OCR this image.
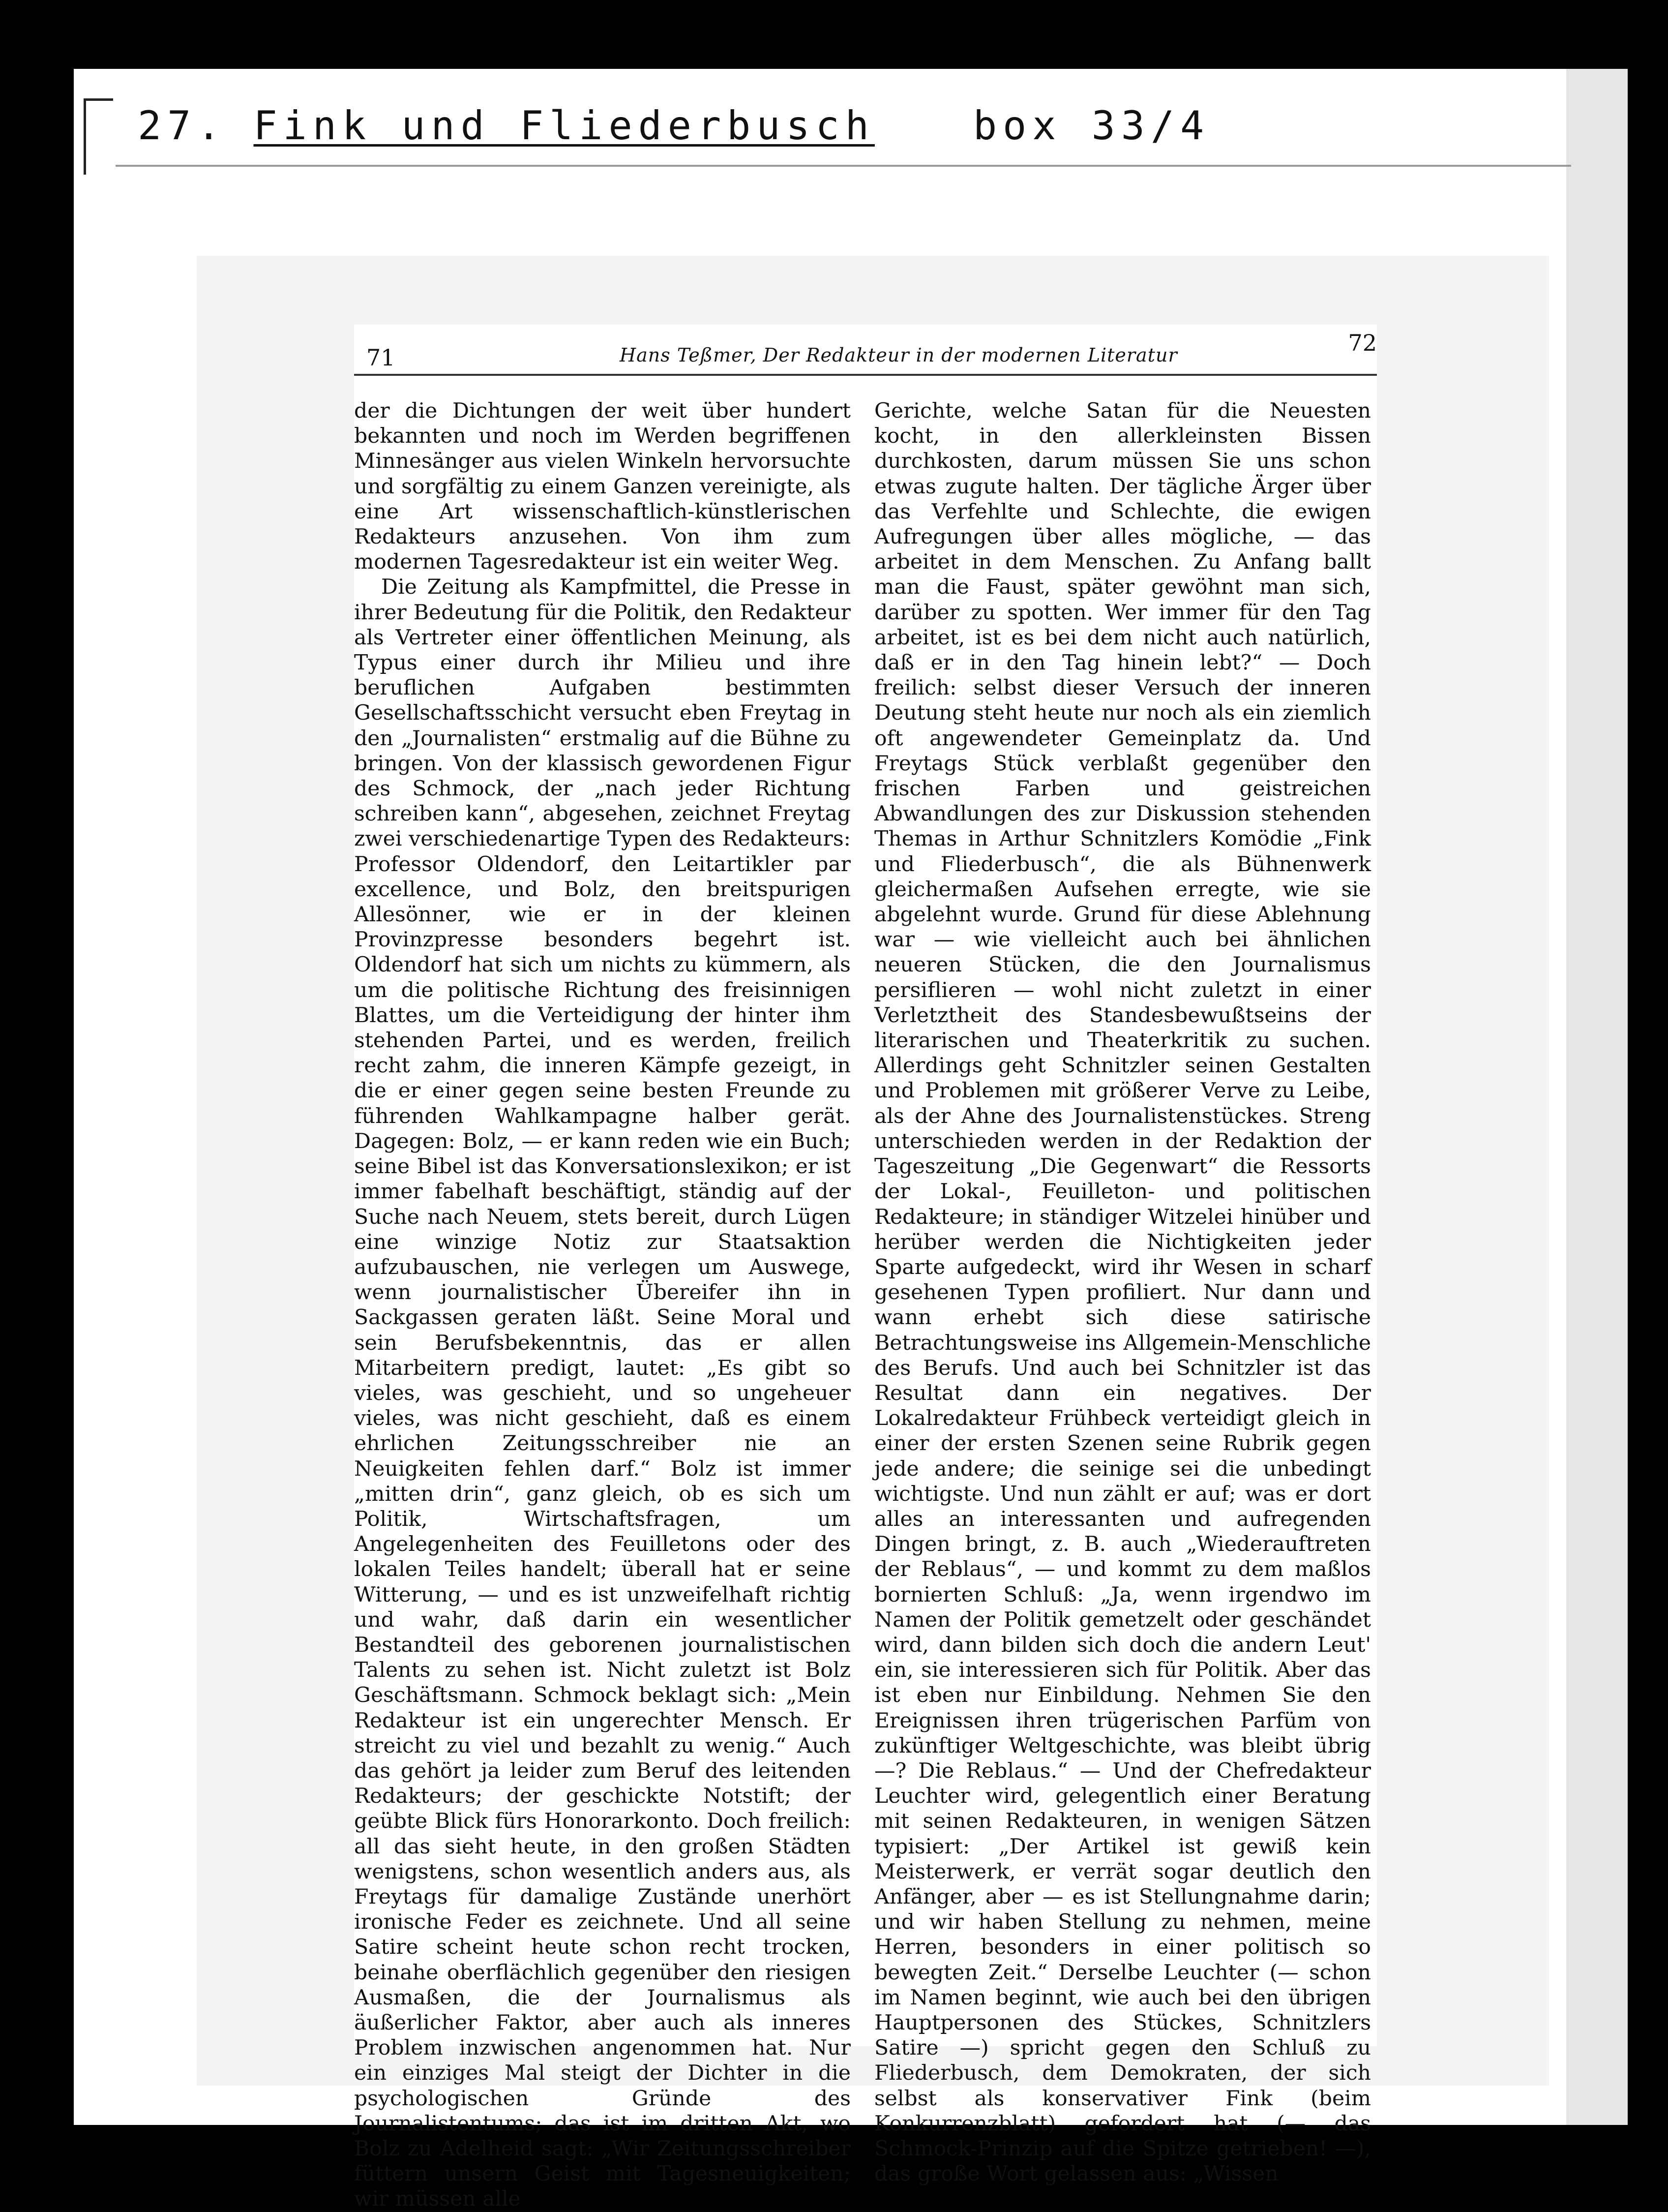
27. Fink und Fliederbusch	box 33/4
71	Hans Teßmer, Der Redakteur in der modernen Literatur	72

der die Dichtungen der weit über hundert bekannten und noch im Werden begriffenen Minnesänger aus vielen Winkeln hervorsuchte und sorgfältig zu einem Ganzen vereinigte, als eine Art wissenschaftlich-künstlerischen Redakteurs anzusehen. Von ihm zum modernen Tagesredakteur ist ein weiter Weg.

Die Zeitung als Kampfmittel, die Presse in ihrer Bedeutung für die Politik, den Redakteur als Vertreter einer öffentlichen Meinung, als Typus einer durch ihr Milieu und ihre beruflichen Aufgaben bestimmten Gesellschaftsschicht versucht eben Freytag in den „Journalisten“ erstmalig auf die Bühne zu bringen. Von der klassisch gewordenen Figur des Schmock, der „nach jeder Richtung schreiben kann“, abgesehen, zeichnet Freytag zwei verschiedenartige Typen des Redakteurs: Professor Oldendorf, den Leitartikler par excellence, und Bolz, den breitspurigen Allesönner, wie er in der kleinen Provinzpresse besonders begehrt ist. Oldendorf hat sich um nichts zu kümmern, als um die politische Richtung des freisinnigen Blattes, um die Verteidigung der hinter ihm stehenden Partei, und es werden, freilich recht zahm, die inneren Kämpfe gezeigt, in die er einer gegen seine besten Freunde zu führenden Wahlkampagne halber gerät. Dagegen: Bolz, — er kann reden wie ein Buch; seine Bibel ist das Konversationslexikon; er ist immer fabelhaft beschäftigt, ständig auf der Suche nach Neuem, stets bereit, durch Lügen eine winzige Notiz zur Staatsaktion aufzubauschen, nie verlegen um Auswege, wenn journalistischer Übereifer ihn in Sackgassen geraten läßt. Seine Moral und sein Berufsbekenntnis, das er allen Mitarbeitern predigt, lautet: „Es gibt so vieles, was geschieht, und so ungeheuer vieles, was nicht geschieht, daß es einem ehrlichen Zeitungsschreiber nie an Neuigkeiten fehlen darf.“ Bolz ist immer „mitten drin“, ganz gleich, ob es sich um Politik, Wirtschaftsfragen, um Angelegenheiten des Feuilletons oder des lokalen Teiles handelt; überall hat er seine Witterung, — und es ist unzweifelhaft richtig und wahr, daß darin ein wesentlicher Bestandteil des geborenen journalistischen Talents zu sehen ist. Nicht zuletzt ist Bolz Geschäftsmann. Schmock beklagt sich: „Mein Redakteur ist ein ungerechter Mensch. Er streicht zu viel und bezahlt zu wenig.“ Auch das gehört ja leider zum Beruf des leitenden Redakteurs; der geschickte Notstift; der geübte Blick fürs Honorarkonto. Doch freilich: all das sieht heute, in den großen Städten wenigstens, schon wesentlich anders aus, als Freytags für damalige Zustände unerhört ironische Feder es zeichnete. Und all seine Satire scheint heute schon recht trocken, beinahe oberflächlich gegenüber den riesigen Ausmaßen, die der Journalismus als äußerlicher Faktor, aber auch als inneres Problem inzwischen angenommen hat. Nur ein einziges Mal steigt der Dichter in die psychologischen Gründe des Journalistentums; das ist im dritten Akt, wo Bolz zu Adelheid sagt: „Wir Zeitungsschreiber füttern unsern Geist mit Tagesneuigkeiten; wir müssen alle

Gerichte, welche Satan für die Neuesten kocht, in den allerkleinsten Bissen durchkosten, darum müssen Sie uns schon etwas zugute halten. Der tägliche Ärger über das Verfehlte und Schlechte, die ewigen Aufregungen über alles mögliche, — das arbeitet in dem Menschen. Zu Anfang ballt man die Faust, später gewöhnt man sich, darüber zu spotten. Wer immer für den Tag arbeitet, ist es bei dem nicht auch natürlich, daß er in den Tag hinein lebt?“ — Doch freilich: selbst dieser Versuch der inneren Deutung steht heute nur noch als ein ziemlich oft angewendeter Gemeinplatz da. Und Freytags Stück verblaßt gegenüber den frischen Farben und geistreichen Abwandlungen des zur Diskussion stehenden Themas in Arthur Schnitzlers Komödie „Fink und Fliederbusch“, die als Bühnenwerk gleichermaßen Aufsehen erregte, wie sie abgelehnt wurde. Grund für diese Ablehnung war — wie vielleicht auch bei ähnlichen neueren Stücken, die den Journalismus persiflieren — wohl nicht zuletzt in einer Verletztheit des Standesbewußtseins der literarischen und Theaterkritik zu suchen. Allerdings geht Schnitzler seinen Gestalten und Problemen mit größerer Verve zu Leibe, als der Ahne des Journalistenstückes. Streng unterschieden werden in der Redaktion der Tageszeitung „Die Gegenwart“ die Ressorts der Lokal-, Feuilleton- und politischen Redakteure; in ständiger Witzelei hinüber und herüber werden die Nichtigkeiten jeder Sparte aufgedeckt, wird ihr Wesen in scharf gesehenen Typen profiliert. Nur dann und wann erhebt sich diese satirische Betrachtungsweise ins Allgemein-Menschliche des Berufs. Und auch bei Schnitzler ist das Resultat dann ein negatives. Der Lokalredakteur Frühbeck verteidigt gleich in einer der ersten Szenen seine Rubrik gegen jede andere; die seinige sei die unbedingt wichtigste. Und nun zählt er auf; was er dort alles an interessanten und aufregenden Dingen bringt, z. B. auch „Wiederauftreten der Reblaus“, — und kommt zu dem maßlos bornierten Schluß: „Ja, wenn irgendwo im Namen der Politik gemetzelt oder geschändet wird, dann bilden sich doch die andern Leut' ein, sie interessieren sich für Politik. Aber das ist eben nur Einbildung. Nehmen Sie den Ereignissen ihren trügerischen Parfüm von zukünftiger Weltgeschichte, was bleibt übrig —? Die Reblaus.“ — Und der Chefredakteur Leuchter wird, gelegentlich einer Beratung mit seinen Redakteuren, in wenigen Sätzen typisiert: „Der Artikel ist gewiß kein Meisterwerk, er verrät sogar deutlich den Anfänger, aber — es ist Stellungnahme darin; und wir haben Stellung zu nehmen, meine Herren, besonders in einer politisch so bewegten Zeit.“ Derselbe Leuchter (— schon im Namen beginnt, wie auch bei den übrigen Hauptpersonen des Stückes, Schnitzlers Satire —) spricht gegen den Schluß zu Fliederbusch, dem Demokraten, der sich selbst als konservativer Fink (beim Konkurrenzblatt) gefordert hat (— das Schmock-Prinzip auf die Spitze getrieben! —), das große Wort gelassen aus: „Wissen
